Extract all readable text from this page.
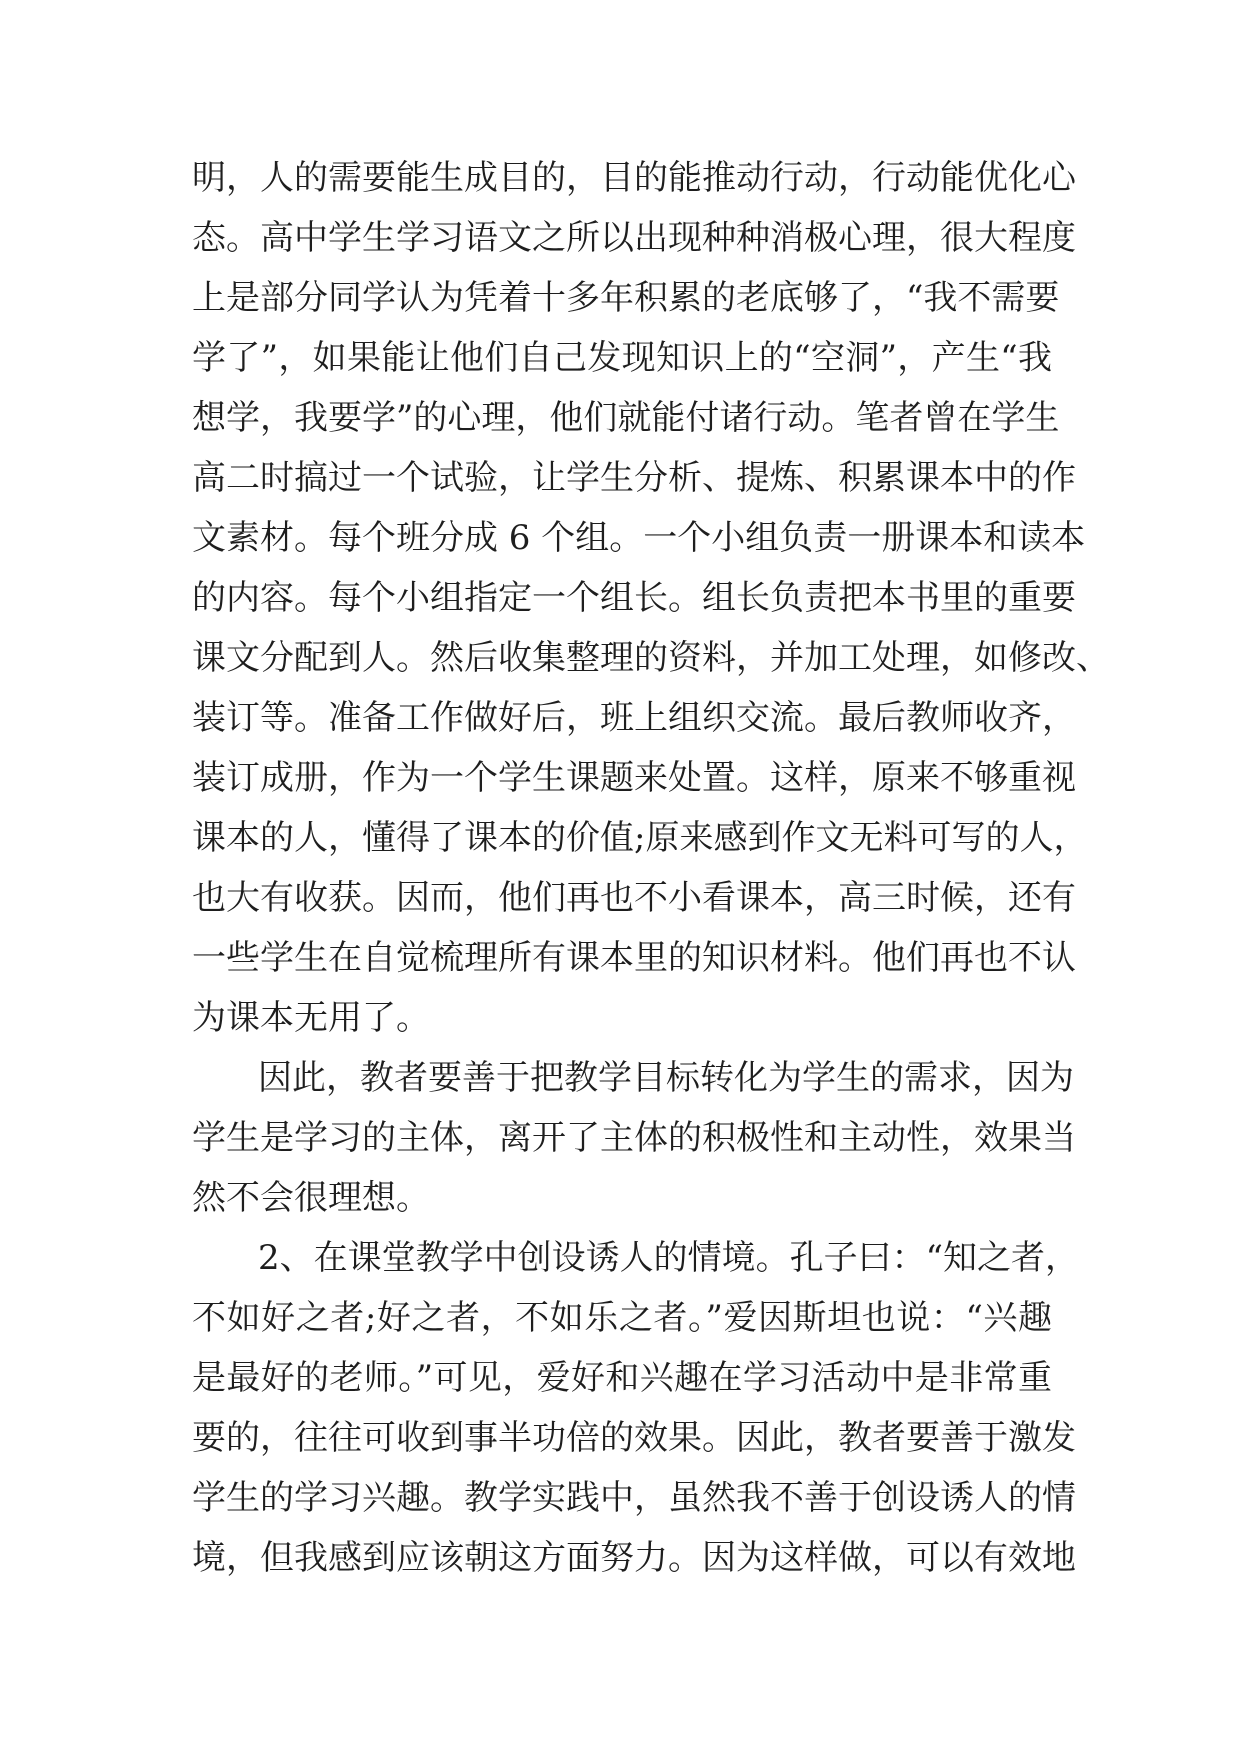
明，人的需要能生成目的，目的能推动行动，行动能优化心
态。高中学生学习语文之所以出现种种消极心理，很大程度
上是部分同学认为凭着十多年积累的老底够了，“我不需要
学了”，如果能让他们自己发现知识上的“空洞”，产生“我
想学，我要学”的心理，他们就能付诸行动。笔者曾在学生
高二时搞过一个试验，让学生分析、提炼、积累课本中的作
文素材。每个班分成 6 个组。一个小组负责一册课本和读本
的内容。每个小组指定一个组长。组长负责把本书里的重要
课文分配到人。然后收集整理的资料，并加工处理，如修改、
装订等。准备工作做好后，班上组织交流。最后教师收齐，
装订成册，作为一个学生课题来处置。这样，原来不够重视
课本的人，懂得了课本的价值;原来感到作文无料可写的人，
也大有收获。因而，他们再也不小看课本，高三时候，还有
一些学生在自觉梳理所有课本里的知识材料。他们再也不认
为课本无用了。
因此，教者要善于把教学目标转化为学生的需求，因为
学生是学习的主体，离开了主体的积极性和主动性，效果当
然不会很理想。
2、在课堂教学中创设诱人的情境。孔子曰：“知之者，
不如好之者;好之者，不如乐之者。”爱因斯坦也说：“兴趣
是最好的老师。”可见，爱好和兴趣在学习活动中是非常重
要的，往往可收到事半功倍的效果。因此，教者要善于激发
学生的学习兴趣。教学实践中，虽然我不善于创设诱人的情
境，但我感到应该朝这方面努力。因为这样做，可以有效地
